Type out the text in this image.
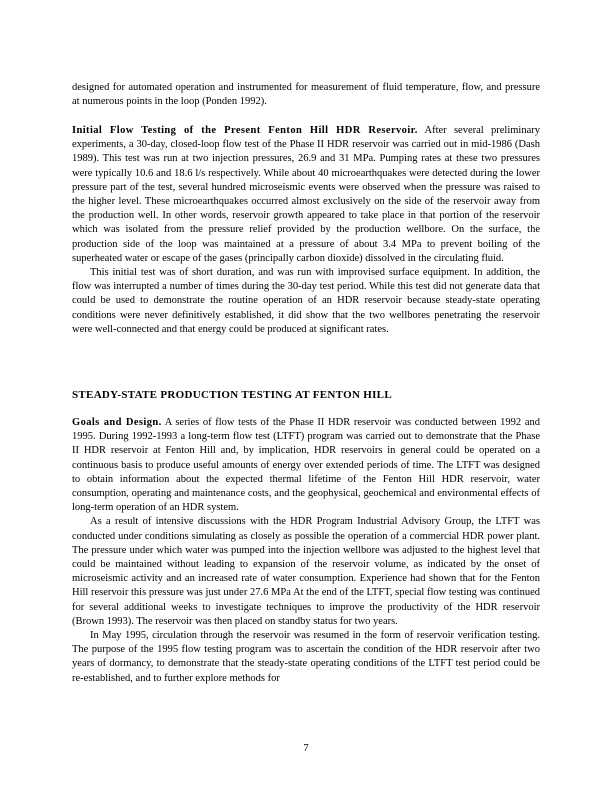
designed for automated operation and instrumented for measurement of fluid temperature, flow, and pressure at numerous points in the loop (Ponden 1992).

Initial Flow Testing of the Present Fenton Hill HDR Reservoir. After several preliminary experiments, a 30-day, closed-loop flow test of the Phase II HDR reservoir was carried out in mid-1986 (Dash 1989). This test was run at two injection pressures, 26.9 and 31 MPa. Pumping rates at these two pressures were typically 10.6 and 18.6 l/s respectively. While about 40 microearthquakes were detected during the lower pressure part of the test, several hundred microseismic events were observed when the pressure was raised to the higher level. These microearthquakes occurred almost exclusively on the side of the reservoir away from the production well. In other words, reservoir growth appeared to take place in that portion of the reservoir which was isolated from the pressure relief provided by the production wellbore. On the surface, the production side of the loop was maintained at a pressure of about 3.4 MPa to prevent boiling of the superheated water or escape of the gases (principally carbon dioxide) dissolved in the circulating fluid.

This initial test was of short duration, and was run with improvised surface equipment. In addition, the flow was interrupted a number of times during the 30-day test period. While this test did not generate data that could be used to demonstrate the routine operation of an HDR reservoir because steady-state operating conditions were never definitively established, it did show that the two wellbores penetrating the reservoir were well-connected and that energy could be produced at significant rates.

STEADY-STATE PRODUCTION TESTING AT FENTON HILL

Goals and Design. A series of flow tests of the Phase II HDR reservoir was conducted between 1992 and 1995. During 1992-1993 a long-term flow test (LTFT) program was carried out to demonstrate that the Phase II HDR reservoir at Fenton Hill and, by implication, HDR reservoirs in general could be operated on a continuous basis to produce useful amounts of energy over extended periods of time. The LTFT was designed to obtain information about the expected thermal lifetime of the Fenton Hill HDR reservoir, water consumption, operating and maintenance costs, and the geophysical, geochemical and environmental effects of long-term operation of an HDR system.

As a result of intensive discussions with the HDR Program Industrial Advisory Group, the LTFT was conducted under conditions simulating as closely as possible the operation of a commercial HDR power plant. The pressure under which water was pumped into the injection wellbore was adjusted to the highest level that could be maintained without leading to expansion of the reservoir volume, as indicated by the onset of microseismic activity and an increased rate of water consumption. Experience had shown that for the Fenton Hill reservoir this pressure was just under 27.6 MPa At the end of the LTFT, special flow testing was continued for several additional weeks to investigate techniques to improve the productivity of the HDR reservoir (Brown 1993). The reservoir was then placed on standby status for two years.

In May 1995, circulation through the reservoir was resumed in the form of reservoir verification testing. The purpose of the 1995 flow testing program was to ascertain the condition of the HDR reservoir after two years of dormancy, to demonstrate that the steady-state operating conditions of the LTFT test period could be re-established, and to further explore methods for

7
